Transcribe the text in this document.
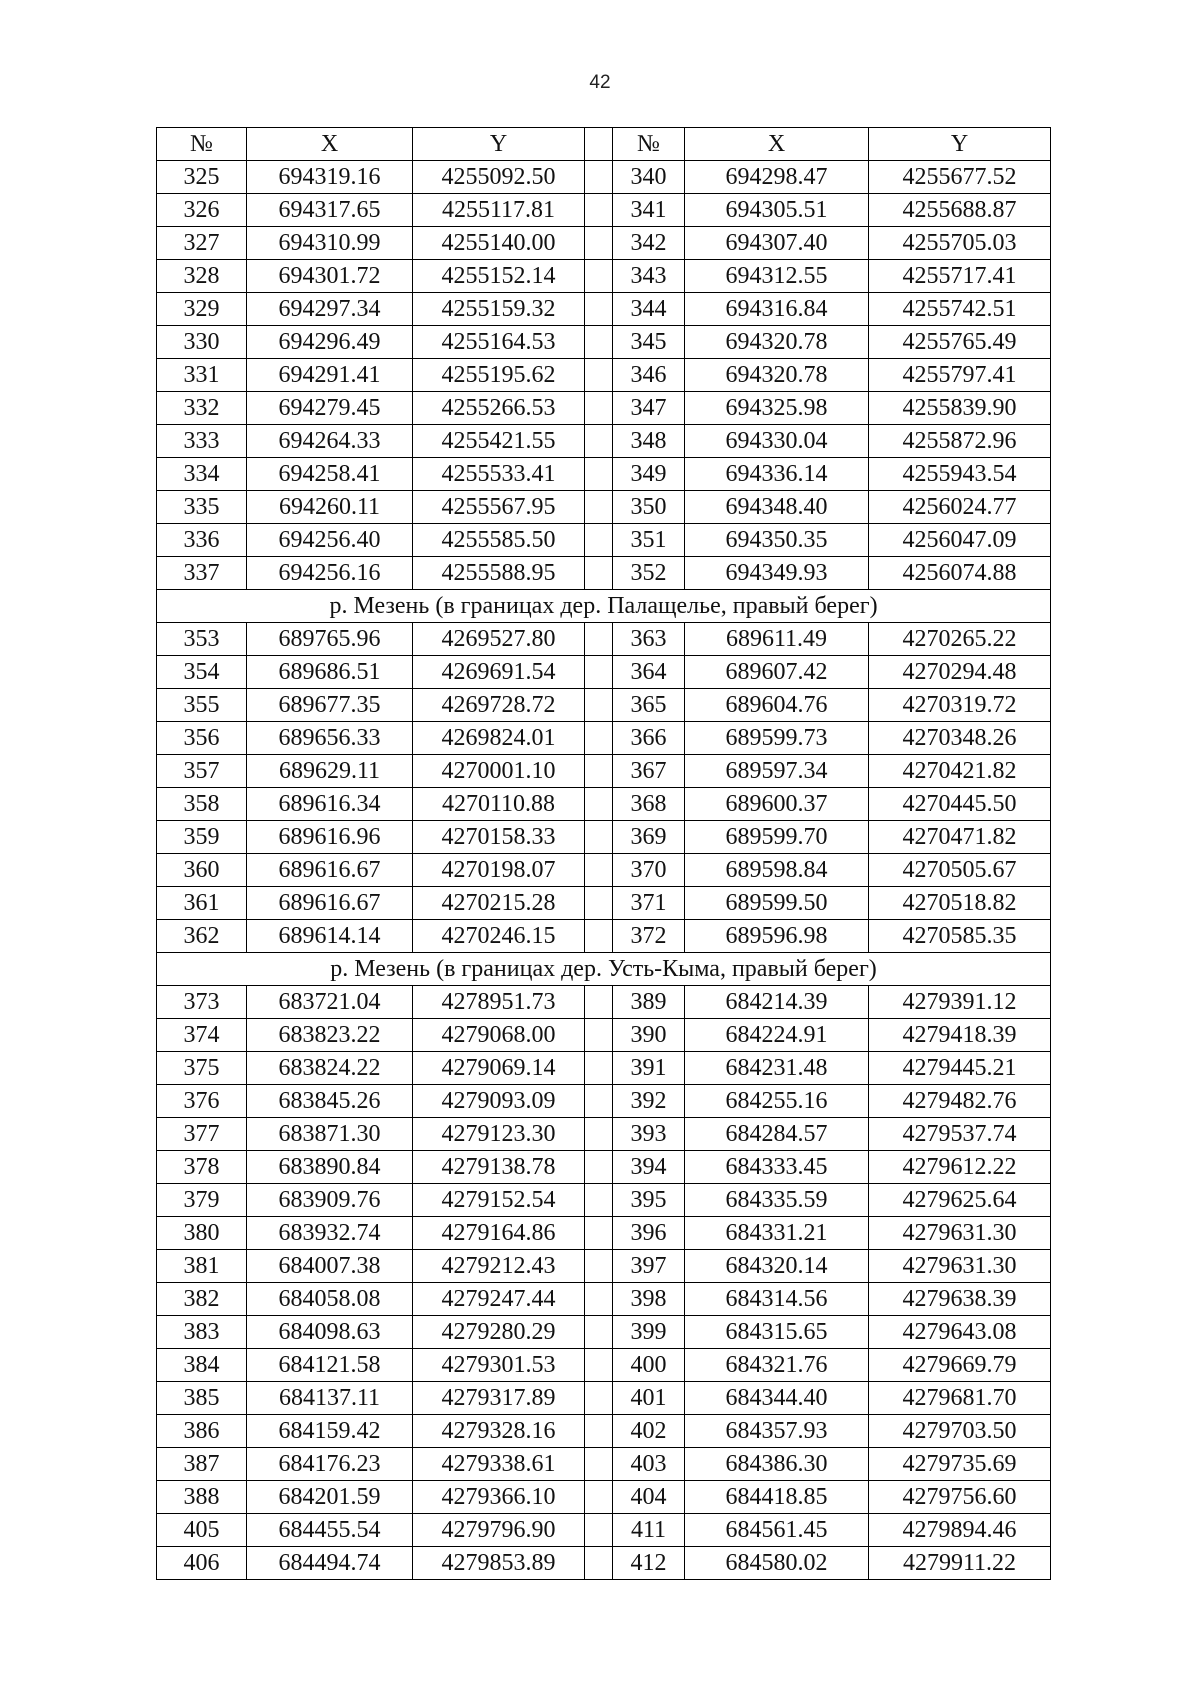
42
№	X	Y		№	X	Y
325	694319.16	4255092.50		340	694298.47	4255677.52
326	694317.65	4255117.81		341	694305.51	4255688.87
327	694310.99	4255140.00		342	694307.40	4255705.03
328	694301.72	4255152.14		343	694312.55	4255717.41
329	694297.34	4255159.32		344	694316.84	4255742.51
330	694296.49	4255164.53		345	694320.78	4255765.49
331	694291.41	4255195.62		346	694320.78	4255797.41
332	694279.45	4255266.53		347	694325.98	4255839.90
333	694264.33	4255421.55		348	694330.04	4255872.96
334	694258.41	4255533.41		349	694336.14	4255943.54
335	694260.11	4255567.95		350	694348.40	4256024.77
336	694256.40	4255585.50		351	694350.35	4256047.09
337	694256.16	4255588.95		352	694349.93	4256074.88
р. Мезень (в границах дер. Палащелье, правый берег)						
353	689765.96	4269527.80		363	689611.49	4270265.22
354	689686.51	4269691.54		364	689607.42	4270294.48
355	689677.35	4269728.72		365	689604.76	4270319.72
356	689656.33	4269824.01		366	689599.73	4270348.26
357	689629.11	4270001.10		367	689597.34	4270421.82
358	689616.34	4270110.88		368	689600.37	4270445.50
359	689616.96	4270158.33		369	689599.70	4270471.82
360	689616.67	4270198.07		370	689598.84	4270505.67
361	689616.67	4270215.28		371	689599.50	4270518.82
362	689614.14	4270246.15		372	689596.98	4270585.35
р. Мезень (в границах дер. Усть-Кыма, правый берег)						
373	683721.04	4278951.73		389	684214.39	4279391.12
374	683823.22	4279068.00		390	684224.91	4279418.39
375	683824.22	4279069.14		391	684231.48	4279445.21
376	683845.26	4279093.09		392	684255.16	4279482.76
377	683871.30	4279123.30		393	684284.57	4279537.74
378	683890.84	4279138.78		394	684333.45	4279612.22
379	683909.76	4279152.54		395	684335.59	4279625.64
380	683932.74	4279164.86		396	684331.21	4279631.30
381	684007.38	4279212.43		397	684320.14	4279631.30
382	684058.08	4279247.44		398	684314.56	4279638.39
383	684098.63	4279280.29		399	684315.65	4279643.08
384	684121.58	4279301.53		400	684321.76	4279669.79
385	684137.11	4279317.89		401	684344.40	4279681.70
386	684159.42	4279328.16		402	684357.93	4279703.50
387	684176.23	4279338.61		403	684386.30	4279735.69
388	684201.59	4279366.10		404	684418.85	4279756.60
405	684455.54	4279796.90		411	684561.45	4279894.46
406	684494.74	4279853.89		412	684580.02	4279911.22
